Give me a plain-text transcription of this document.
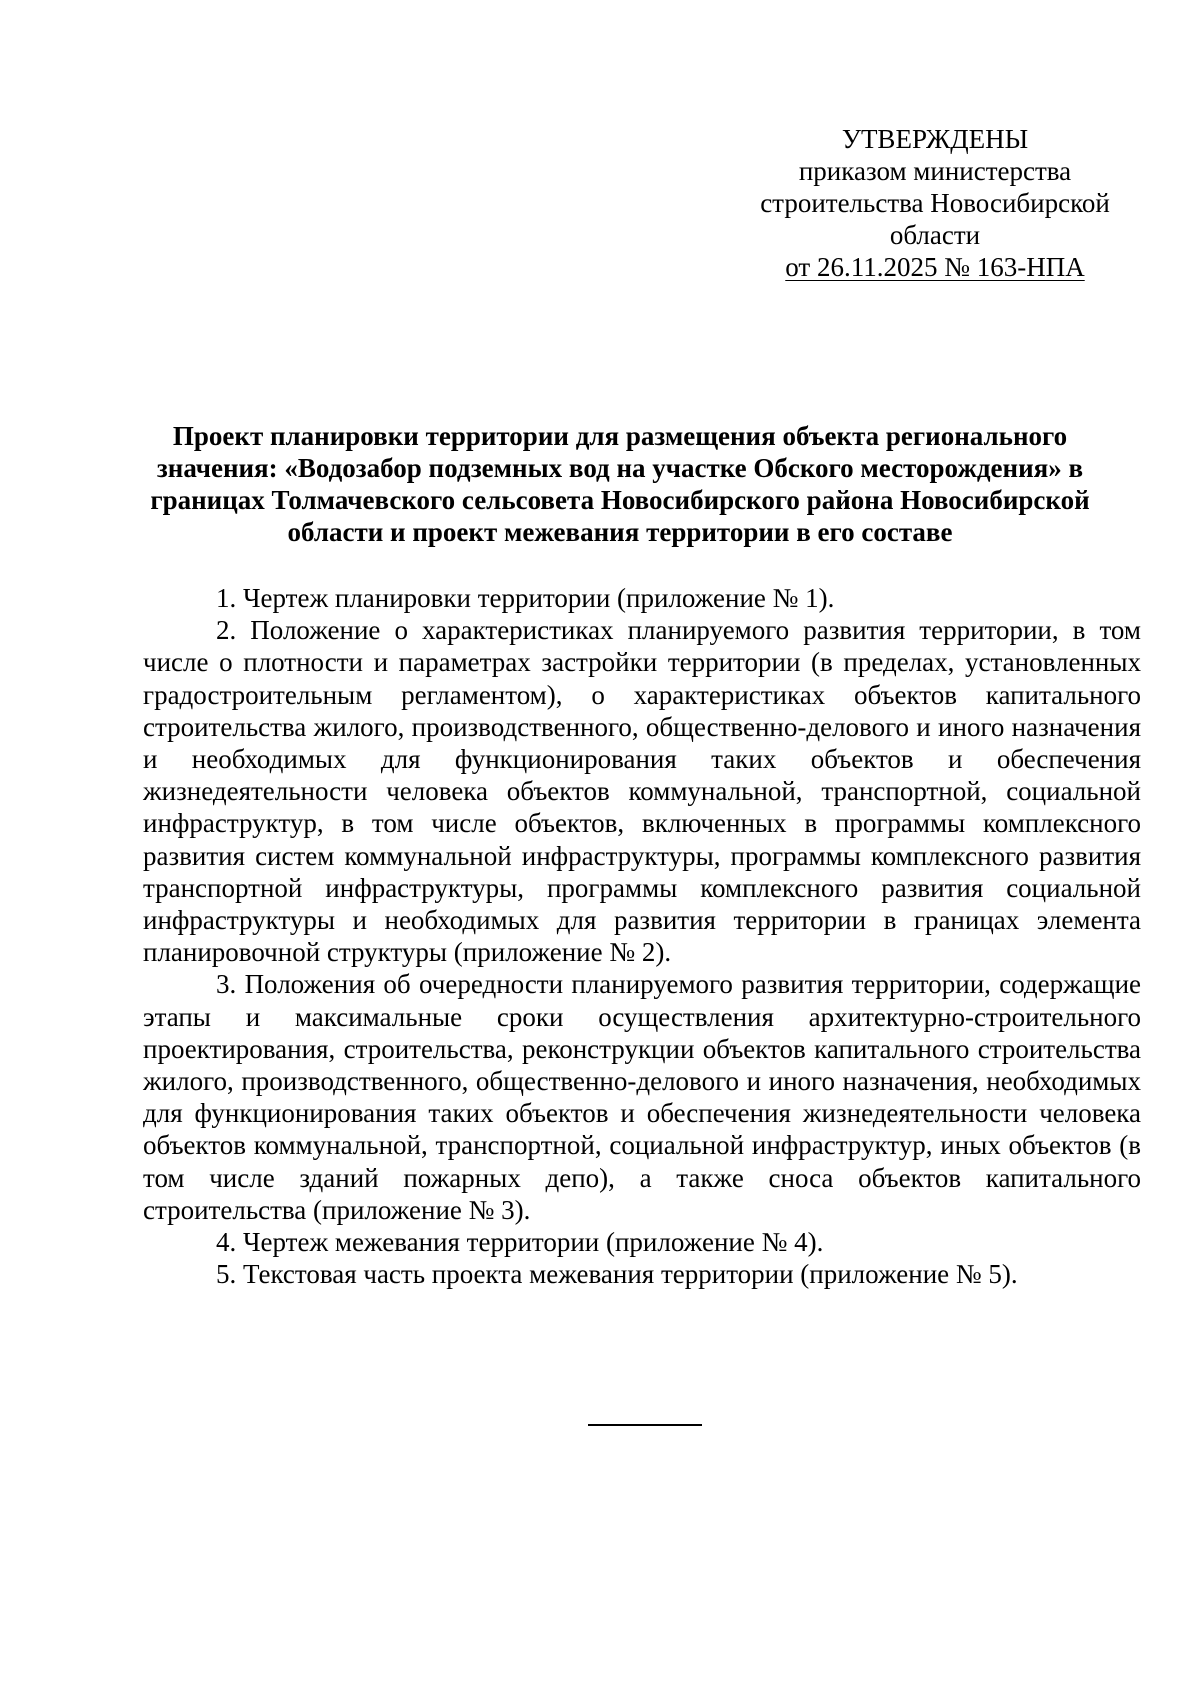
УТВЕРЖДЕНЫ
приказом министерства
строительства Новосибирской
области
от 26.11.2025 № 163-НПА
Проект планировки территории для размещения объекта регионального значения: «Водозабор подземных вод на участке Обского месторождения» в границах Толмачевского сельсовета Новосибирского района Новосибирской области и проект межевания территории в его составе

1. Чертеж планировки территории (приложение № 1).

2. Положение о характеристиках планируемого развития территории, в том числе о плотности и параметрах застройки территории (в пределах, установленных градостроительным регламентом), о характеристиках объектов капитального строительства жилого, производственного, общественно-делового и иного назначения и необходимых для функционирования таких объектов и обеспечения жизнедеятельности человека объектов коммунальной, транспортной, социальной инфраструктур, в том числе объектов, включенных в программы комплексного развития систем коммунальной инфраструктуры, программы комплексного развития транспортной инфраструктуры, программы комплексного развития социальной инфраструктуры и необходимых для развития территории в границах элемента планировочной структуры (приложение № 2).

3. Положения об очередности планируемого развития территории, содержащие этапы и максимальные сроки осуществления архитектурно-строительного проектирования, строительства, реконструкции объектов капитального строительства жилого, производственного, общественно-делового и иного назначения, необходимых для функционирования таких объектов и обеспечения жизнедеятельности человека объектов коммунальной, транспортной, социальной инфраструктур, иных объектов (в том числе зданий пожарных депо), а также сноса объектов капитального строительства (приложение № 3).

4. Чертеж межевания территории (приложение № 4).

5. Текстовая часть проекта межевания территории (приложение № 5).
